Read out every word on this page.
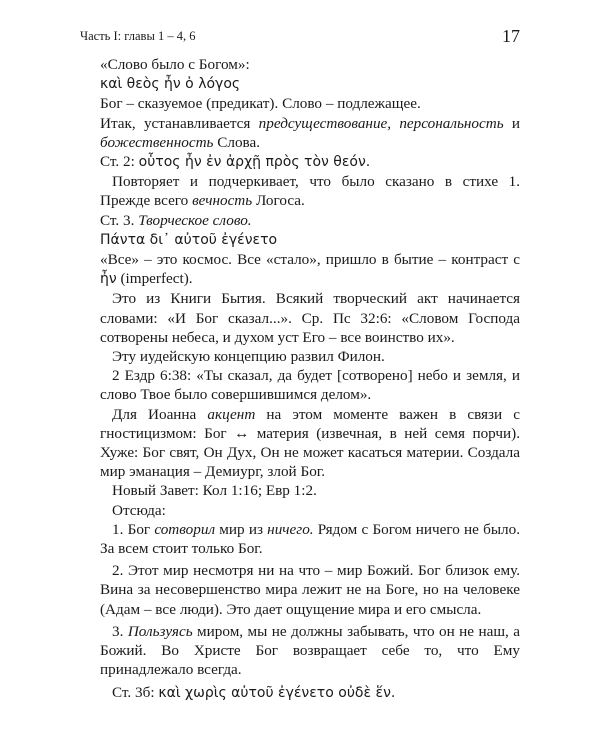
Часть I: главы 1 – 4, 6	17

«Слово было с Богом»:

καὶ θεὸς ἦν ὁ λόγος

Бог – сказуемое (предикат). Слово – подлежащее.

Итак, устанавливается предсуществование, персональность и божественность Слова.

Ст. 2: οὗτος ἦν ἐν ἀρχῇ πρὸς τὸν θεόν.

Повторяет и подчеркивает, что было сказано в стихе 1. Прежде всего вечность Логоса.

Ст. 3. Творческое слово.

Πάντα δι᾽ αὐτοῦ ἐγένετο

«Все» – это космос. Все «стало», пришло в бытие – контраст с ἦν (imperfect).

Это из Книги Бытия. Всякий творческий акт начинается словами: «И Бог сказал...». Ср. Пс 32:6: «Словом Господа сотворены небеса, и духом уст Его – все воинство их».

Эту иудейскую концепцию развил Филон.

2 Ездр 6:38: «Ты сказал, да будет [сотворено] небо и земля, и слово Твое было совершившимся делом».

Для Иоанна акцент на этом моменте важен в связи с гностицизмом: Бог ↔ материя (извечная, в ней семя порчи). Хуже: Бог свят, Он Дух, Он не может касаться материи. Создала мир эманация – Демиург, злой Бог.

Новый Завет: Кол 1:16; Евр 1:2.

Отсюда:

1. Бог сотворил мир из ничего. Рядом с Богом ничего не было. За всем стоит только Бог.

2. Этот мир несмотря ни на что – мир Божий. Бог близок ему. Вина за несовершенство мира лежит не на Боге, но на человеке (Адам – все люди). Это дает ощущение мира и его смысла.

3. Пользуясь миром, мы не должны забывать, что он не наш, а Божий. Во Христе Бог возвращает себе то, что Ему принадлежало всегда.

Ст. 3б: καὶ χωρὶς αὐτοῦ ἐγένετο οὐδὲ ἕν.
